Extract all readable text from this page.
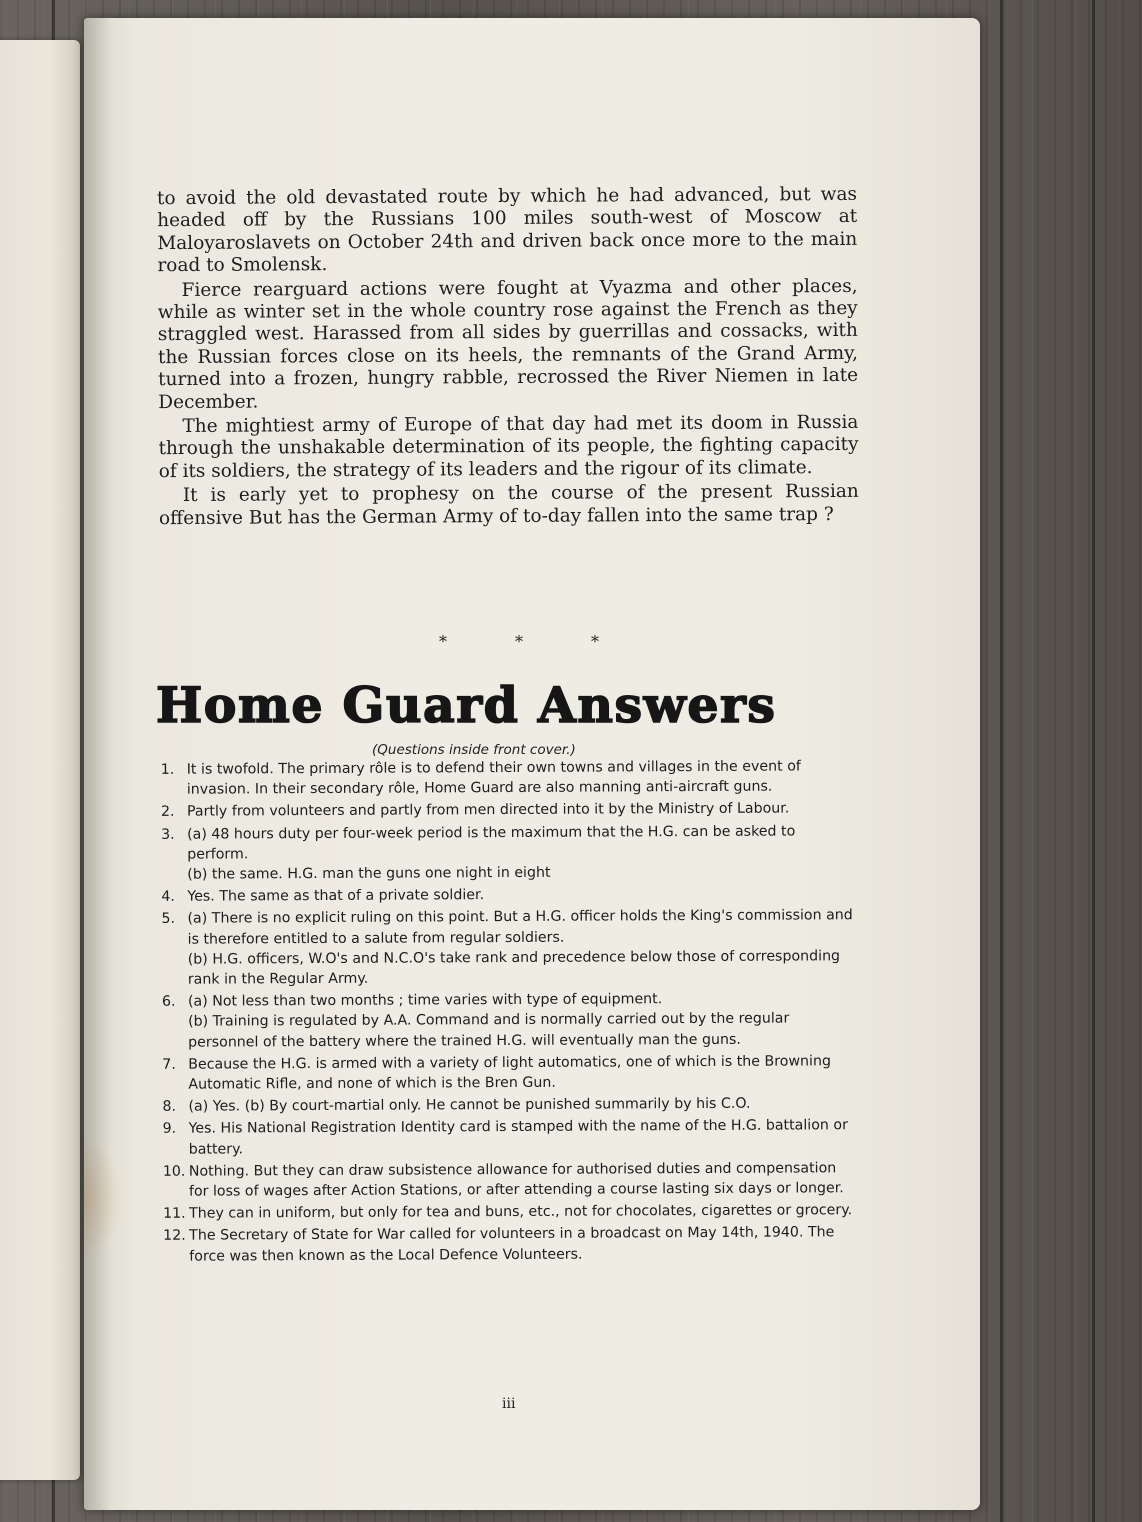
to avoid the old devastated route by which he had advanced, but was headed off by the Russians 100 miles south-west of Moscow at Maloyaroslavets on October 24th and driven back once more to the main road to Smolensk.

Fierce rearguard actions were fought at Vyazma and other places, while as winter set in the whole country rose against the French as they straggled west. Harassed from all sides by guerrillas and cossacks, with the Russian forces close on its heels, the remnants of the Grand Army, turned into a frozen, hungry rabble, recrossed the River Niemen in late December.

The mightiest army of Europe of that day had met its doom in Russia through the unshakable determination of its people, the fighting capacity of its soldiers, the strategy of its leaders and the rigour of its climate.

It is early yet to prophesy on the course of the present Russian offensive But has the German Army of to-day fallen into the same trap ?

*	*	*
Home Guard Answers
(Questions inside front cover.)
1. It is twofold. The primary rôle is to defend their own towns and villages in the event of invasion. In their secondary rôle, Home Guard are also manning anti-aircraft guns.
2. Partly from volunteers and partly from men directed into it by the Ministry of Labour.
3. (a) 48 hours duty per four-week period is the maximum that the H.G. can be asked to perform.
(b) the same. H.G. man the guns one night in eight
4. Yes. The same as that of a private soldier.
5. (a) There is no explicit ruling on this point. But a H.G. officer holds the King's commission and is therefore entitled to a salute from regular soldiers.
(b) H.G. officers, W.O's and N.C.O's take rank and precedence below those of corresponding rank in the Regular Army.
6. (a) Not less than two months ; time varies with type of equipment.
(b) Training is regulated by A.A. Command and is normally carried out by the regular personnel of the battery where the trained H.G. will eventually man the guns.
7. Because the H.G. is armed with a variety of light automatics, one of which is the Browning Automatic Rifle, and none of which is the Bren Gun.
8. (a) Yes. (b) By court-martial only. He cannot be punished summarily by his C.O.
9. Yes. His National Registration Identity card is stamped with the name of the H.G. battalion or battery.
10. Nothing. But they can draw subsistence allowance for authorised duties and compensation for loss of wages after Action Stations, or after attending a course lasting six days or longer.
11. They can in uniform, but only for tea and buns, etc., not for chocolates, cigarettes or grocery.
12. The Secretary of State for War called for volunteers in a broadcast on May 14th, 1940. The force was then known as the Local Defence Volunteers.
iii
